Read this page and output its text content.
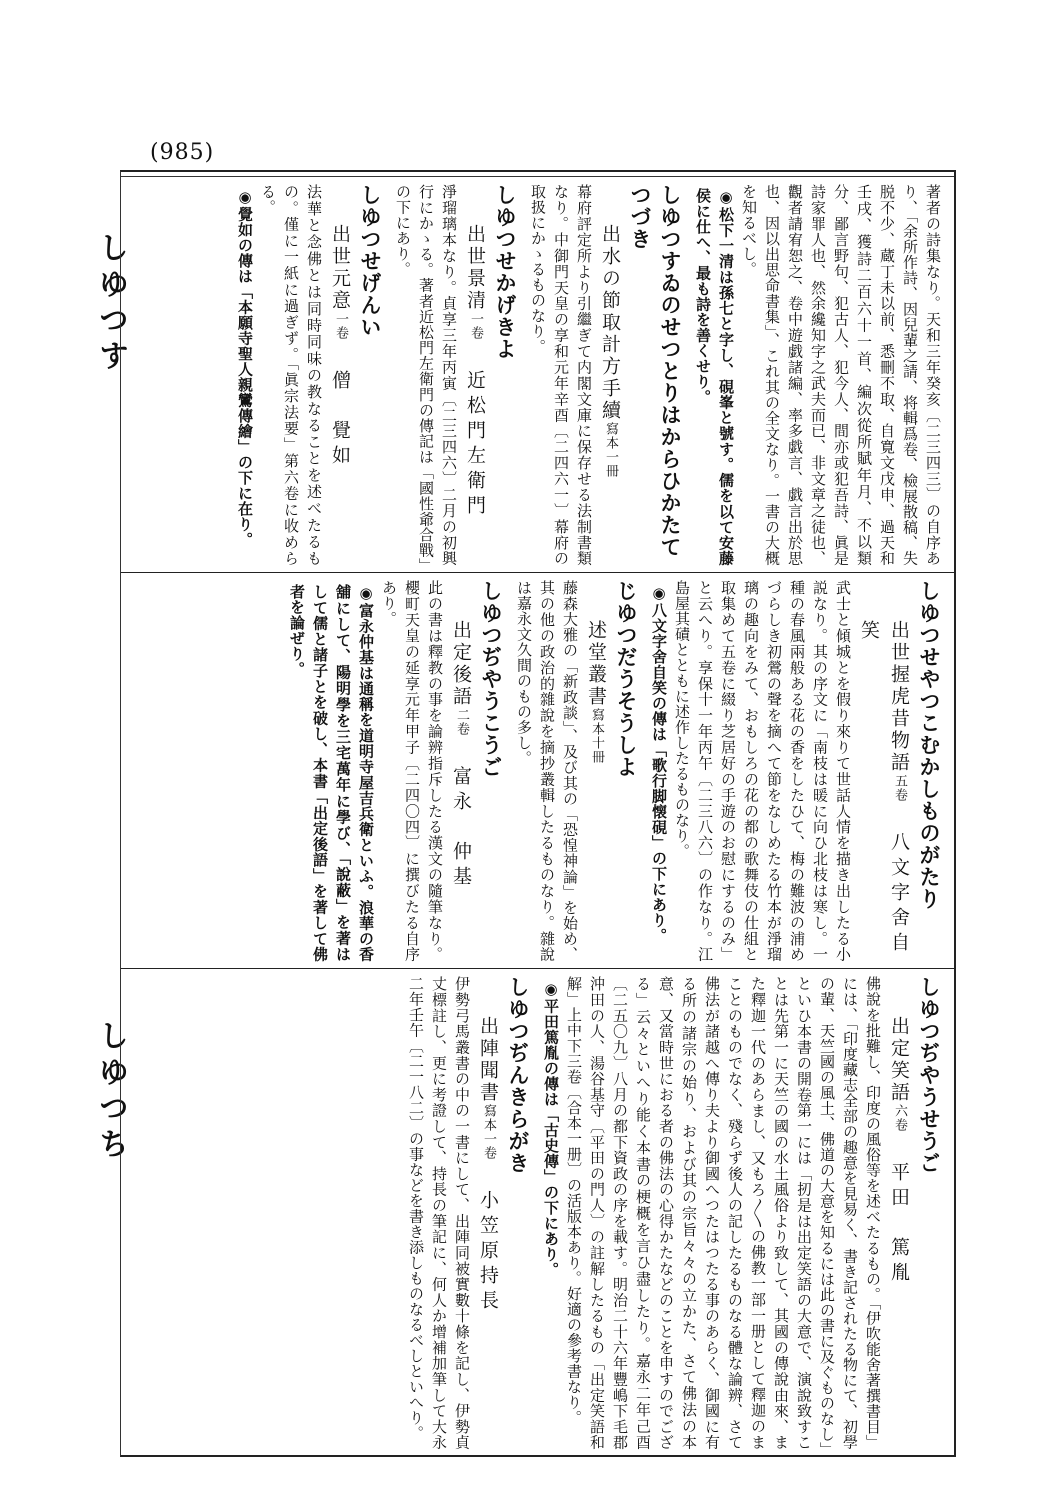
(985)
しゆつす
しゆつち
著者の詩集なり。天和三年癸亥〔二三四三〕の自序あり、「余所作詩、因兒輩之請、将輯爲卷、檢展散稿、失脱不少、蔵丁未以前、悉刪不取、自寛文戊申、過天和壬戌、獲詩二百六十一首、編次從所賦年月、不以類分、鄙言野句、犯古人、犯今人、間亦或犯吾詩、眞是詩家罪人也、然余纔知字之武夫而已、非文章之徒也、觀者請宥恕之、卷中遊戯諸編、率多戯言、戯言出於思也、因以出思命書集」、これ其の全文なり。一書の大概を知るべし。
◉松下一清は孫七と字し、硯峯と號す。儒を以て安藤侯に仕へ、最も詩を善くせり。
しゆつすゐのせつとりはからひかたてつづき
出水の節取計方手續寫本一冊
幕府評定所より引繼ぎて内閣文庫に保存せる法制書類なり。中御門天皇の享和元年辛酉〔二四六一〕幕府の取扱にかゝるものなり。
しゆつせかげきよ
出世景清一卷近松門左衛門
淨瑠璃本なり。貞享三年丙寅〔二三四六〕二月の初興行にかゝる。著者近松門左衛門の傳記は「國性爺合戰」の下にあり。
しゆつせげんい
出世元意一卷僧　覺如
法華と念佛とは同時同味の教なることを述べたるもの。僅に一紙に過ぎず。「眞宗法要」第六卷に收めらる。
◉覺如の傳は「本願寺聖人親鸞傳繪」の下に在り。
しゆつせやつこむかしものがたり
出世握虎昔物語五卷八文字舍自笑
武士と傾城とを假り來りて世話人情を描き出したる小説なり。其の序文に「南枝は暖に向ひ北枝は寒し。一種の春風兩般ある花の香をしたひて、梅の難波の浦めづらしき初鶯の聲を摘へて節をなしめたる竹本が淨瑠璃の趣向をみて、おもしろの花の都の歌舞伎の仕組と取集めて五卷に綴り芝居好の手遊のお慰にするのみ」と云へり。享保十一年丙午〔二三八六〕の作なり。江島屋其磧とともに述作したるものなり。
◉八文字舍自笑の傳は「歌行脚懐硯」の下にあり。
じゆつだうそうしよ
述堂叢書寫本十冊
藤森大雅の「新政談」、及び其の「恐惶神論」を始め、其の他の政治的雜說を摘抄叢輯したるものなり。雜說は嘉永文久間のもの多し。
しゆつぢやうこうご
出定後語二卷富永　仲基
此の書は釋教の事を論辨指斥したる漢文の隨筆なり。櫻町天皇の延享元年甲子〔二四〇四〕に撰びたる自序あり。
◉富永仲基は通稱を道明寺屋吉兵衛といふ。浪華の香舖にして、陽明學を三宅萬年に學び、「說蔽」を著はして儒と諸子とを破し、本書「出定後語」を著して佛者を論ぜり。
しゆつぢやうせうご
出定笑語六卷平田　篤胤
佛說を批難し、印度の風俗等を述べたるもの。「伊吹能舍著撰書目」には、「印度藏志全部の趣意を見易く、書き記されたる物にて、初學の輩、天竺國の風土、佛道の大意を知るには此の書に及ぐものなし」といひ本書の開卷第一には「扨是は出定笑語の大意で、演說致すことは先第一に天竺の國の水土風俗より致して、其國の傳說由來、また釋迦一代のあらまし、又もろ〳〵の佛教一部一册として釋迦のまことのものでなく、殘らず後人の記したるものなる體な論辨、さて佛法が諸越へ傳り夫より御國へつたはつたる事のあらく、御國に有る所の諸宗の始り、および其の宗旨々々の立かた、さて佛法の本意、又當時世におる者の佛法の心得かたなどのことを申すのでござる」云々といへり能く本書の梗概を言ひ盡したり。嘉永二年己酉〔二五〇九〕八月の都下資政の序を載す。明治二十六年豐嶋下毛郡沖田の人、湯谷基守〔平田の門人〕の註解したるもの「出定笑語和解」上中下三卷〔合本一册〕の活版本あり。好適の參考書なり。
◉平田篤胤の傳は「古史傳」の下にあり。
しゆつぢんきらがき
出陣聞書寫本一卷小笠原持長
伊勢弓馬叢書の中の一書にして、出陣同被實數十條を記し、伊勢貞丈標註し、更に考證して、持長の筆記に、何人か增補加筆して大永二年壬午〔二一八二〕の事などを書き添しものなるべしといへり。
